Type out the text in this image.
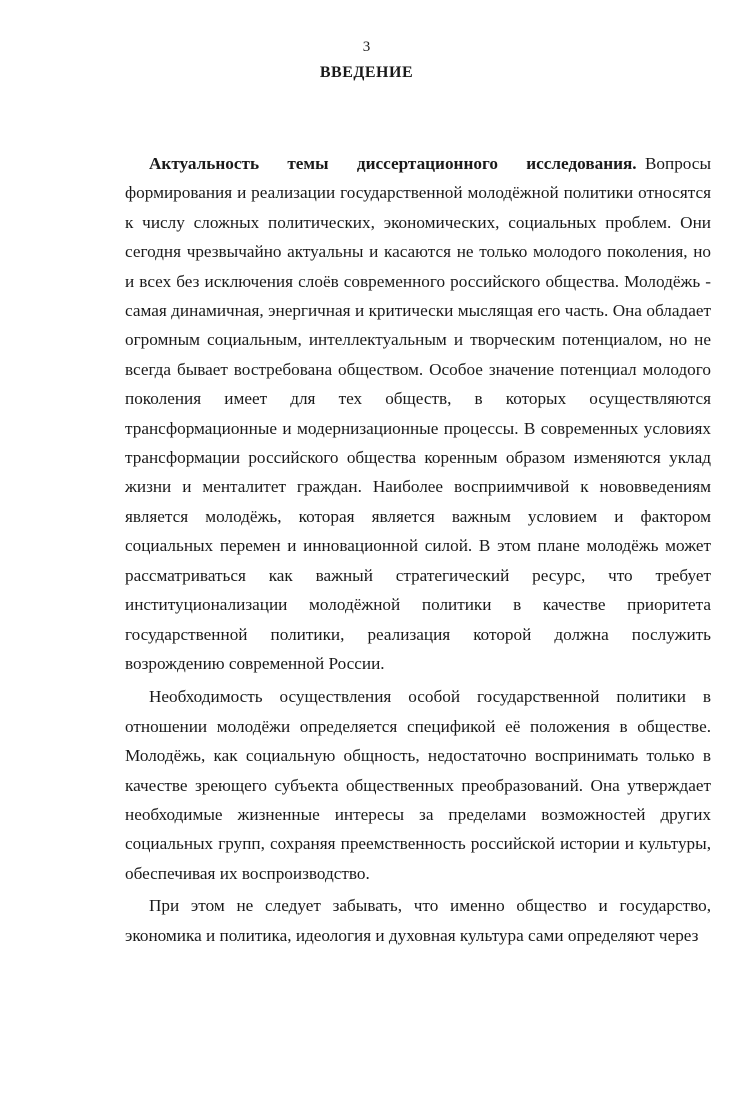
3
ВВЕДЕНИЕ

Актуальность темы диссертационного исследования. Вопросы формирования и реализации государственной молодёжной политики относятся к числу сложных политических, экономических, социальных проблем. Они сегодня чрезвычайно актуальны и касаются не только молодого поколения, но и всех без исключения слоёв современного российского общества. Молодёжь - самая динамичная, энергичная и критически мыслящая его часть. Она обладает огромным социальным, интеллектуальным и творческим потенциалом, но не всегда бывает востребована обществом. Особое значение потенциал молодого поколения имеет для тех обществ, в которых осуществляются трансформационные и модернизационные процессы. В современных условиях трансформации российского общества коренным образом изменяются уклад жизни и менталитет граждан. Наиболее восприимчивой к нововведениям является молодёжь, которая является важным условием и фактором социальных перемен и инновационной силой. В этом плане молодёжь может рассматриваться как важный стратегический ресурс, что требует институционализации молодёжной политики в качестве приоритета государственной политики, реализация которой должна послужить возрождению современной России.

Необходимость осуществления особой государственной политики в отношении молодёжи определяется спецификой её положения в обществе. Молодёжь, как социальную общность, недостаточно воспринимать только в качестве зреющего субъекта общественных преобразований. Она утверждает необходимые жизненные интересы за пределами возможностей других социальных групп, сохраняя преемственность российской истории и культуры, обеспечивая их воспроизводство.

При этом не следует забывать, что именно общество и государство, экономика и политика, идеология и духовная культура сами определяют через
